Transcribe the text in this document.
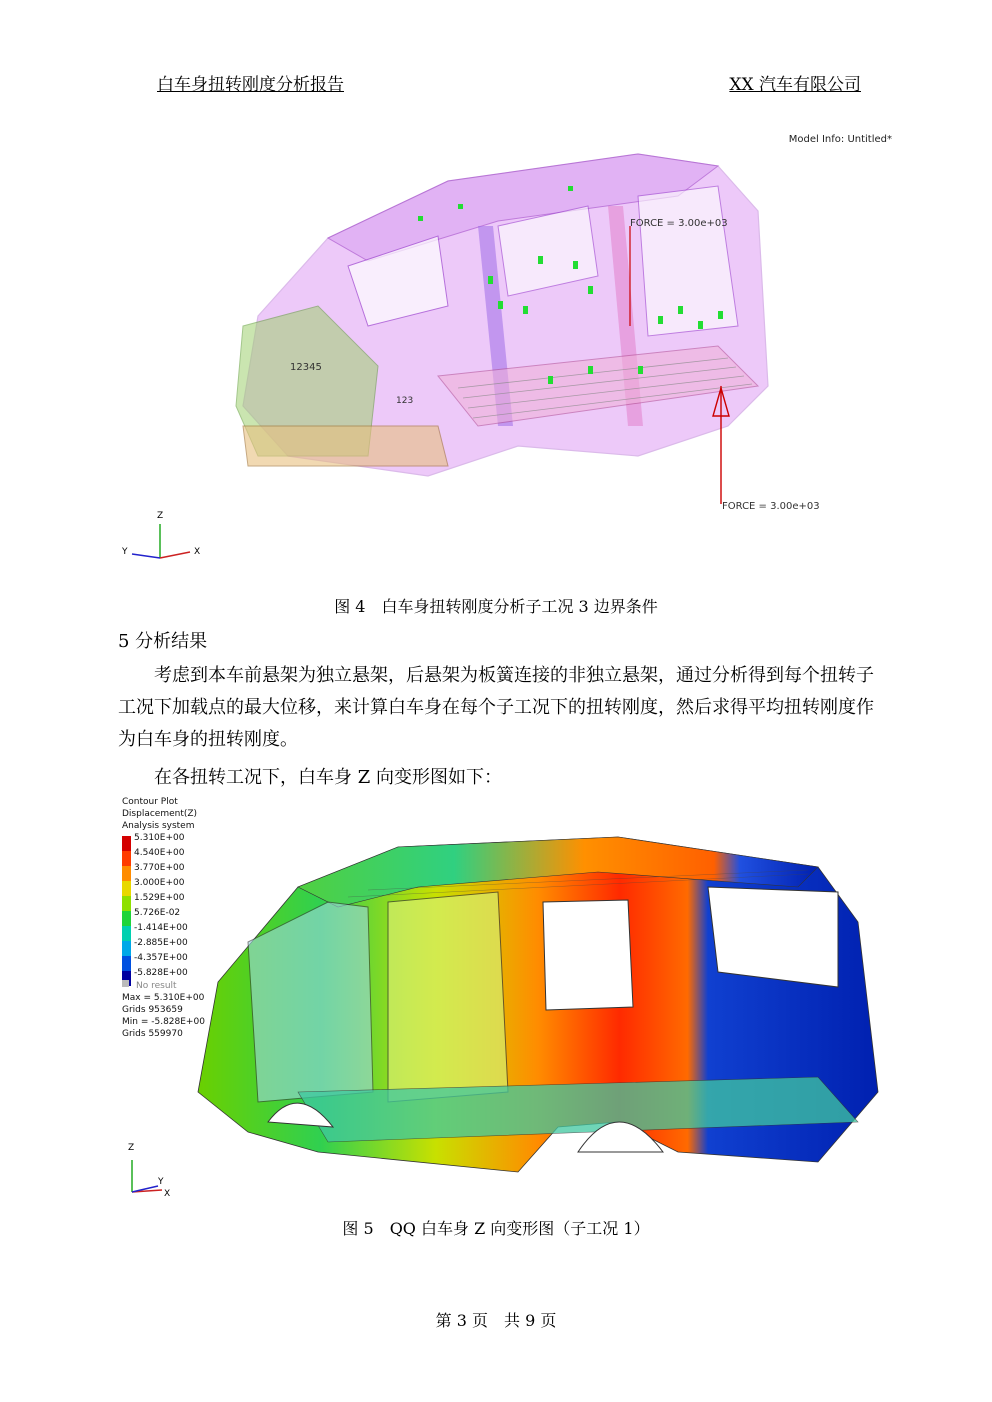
白车身扭转刚度分析报告	XX 汽车有限公司
Model Info: Untitled*
12345
123
FORCE = 3.00e+03
FORCE = 3.00e+03
Z
X
Y
图 4　白车身扭转刚度分析子工况 3 边界条件
5 分析结果
考虑到本车前悬架为独立悬架，后悬架为板簧连接的非独立悬架，通过分析得到每个扭转子工况下加载点的最大位移，来计算白车身在每个子工况下的扭转刚度，然后求得平均扭转刚度作为白车身的扭转刚度。
在各扭转工况下，白车身 Z 向变形图如下：
Contour Plot
Displacement(Z)
Analysis system
5.310E+00
4.540E+00
3.770E+00
3.000E+00
1.529E+00
5.726E-02
-1.414E+00
-2.885E+00
-4.357E+00
-5.828E+00
No result
Max = 5.310E+00
Grids 953659
Min = -5.828E+00
Grids 559970
Z
Y
X
图 5　QQ 白车身 Z 向变形图（子工况 1）
第 3 页　共 9 页
